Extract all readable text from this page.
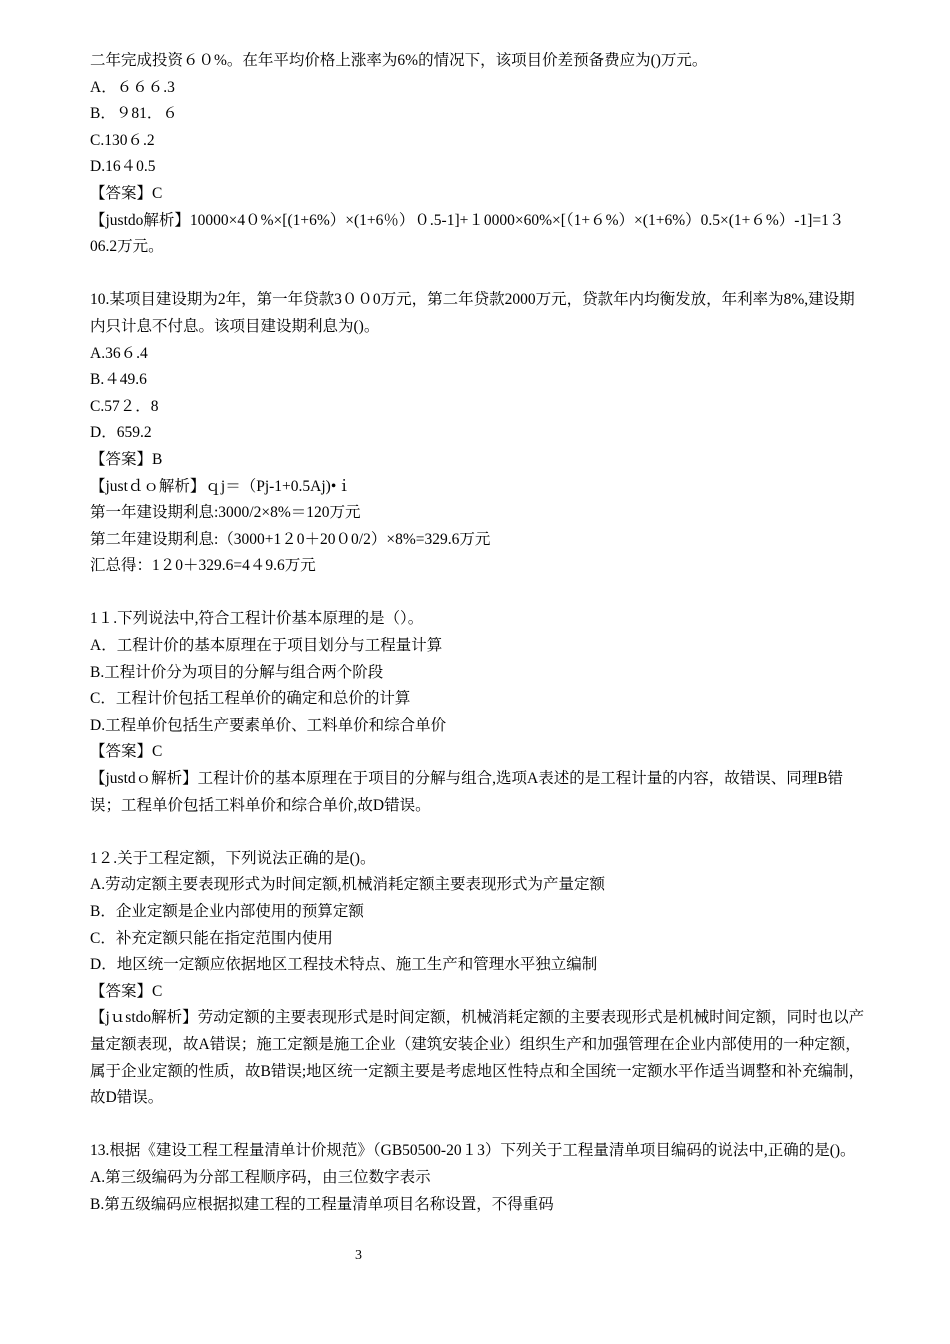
二年完成投资６０%。在年平均价格上涨率为6%的情况下，该项目价差预备费应为()万元。
A．６６６.3
B．９81．６
C.130６.2
D.16４0.5
【答案】C
【justdo解析】10000×4０%×[(1+6%）×(1+6％）０.5-1]+１0000×60%×[（1+６%）×(1+6%）0.5×(1+６%）-1]=1３06.2万元。
10.某项目建设期为2年，第一年贷款3００0万元，第二年贷款2000万元，贷款年内均衡发放，年利率为8%,建设期内只计息不付息。该项目建设期利息为()。
A.36６.4
B.４49.6
C.57２．8
D．659.2
【答案】B
【justｄｏ解析】ｑj＝（Pj-1+0.5Aj)•ｉ
第一年建设期利息:3000/2×8%＝120万元
第二年建设期利息:（3000+1２0＋20０0/2）×8%=329.6万元
汇总得：1２0＋329.6=4４9.6万元
1１.下列说法中,符合工程计价基本原理的是（）。
A．工程计价的基本原理在于项目划分与工程量计算
B.工程计价分为项目的分解与组合两个阶段
C．工程计价包括工程单价的确定和总价的计算
D.工程单价包括生产要素单价、工料单价和综合单价
【答案】C
【justdｏ解析】工程计价的基本原理在于项目的分解与组合,选项A表述的是工程计量的内容，故错误、同理B错误；工程单价包括工料单价和综合单价,故D错误。
1２.关于工程定额，下列说法正确的是()。
A.劳动定额主要表现形式为时间定额,机械消耗定额主要表现形式为产量定额
B．企业定额是企业内部使用的预算定额
C．补充定额只能在指定范围内使用
D．地区统一定额应依据地区工程技术特点、施工生产和管理水平独立编制
【答案】C
【jｕstdo解析】劳动定额的主要表现形式是时间定额，机械消耗定额的主要表现形式是机械时间定额，同时也以产量定额表现，故A错误；施工定额是施工企业（建筑安装企业）组织生产和加强管理在企业内部使用的一种定额，属于企业定额的性质，故B错误;地区统一定额主要是考虑地区性特点和全国统一定额水平作适当调整和补充编制，故D错误。
13.根据《建设工程工程量清单计价规范》（GB50500-20１3）下列关于工程量清单项目编码的说法中,正确的是()。
A.第三级编码为分部工程顺序码，由三位数字表示
B.第五级编码应根据拟建工程的工程量清单项目名称设置，不得重码
3
